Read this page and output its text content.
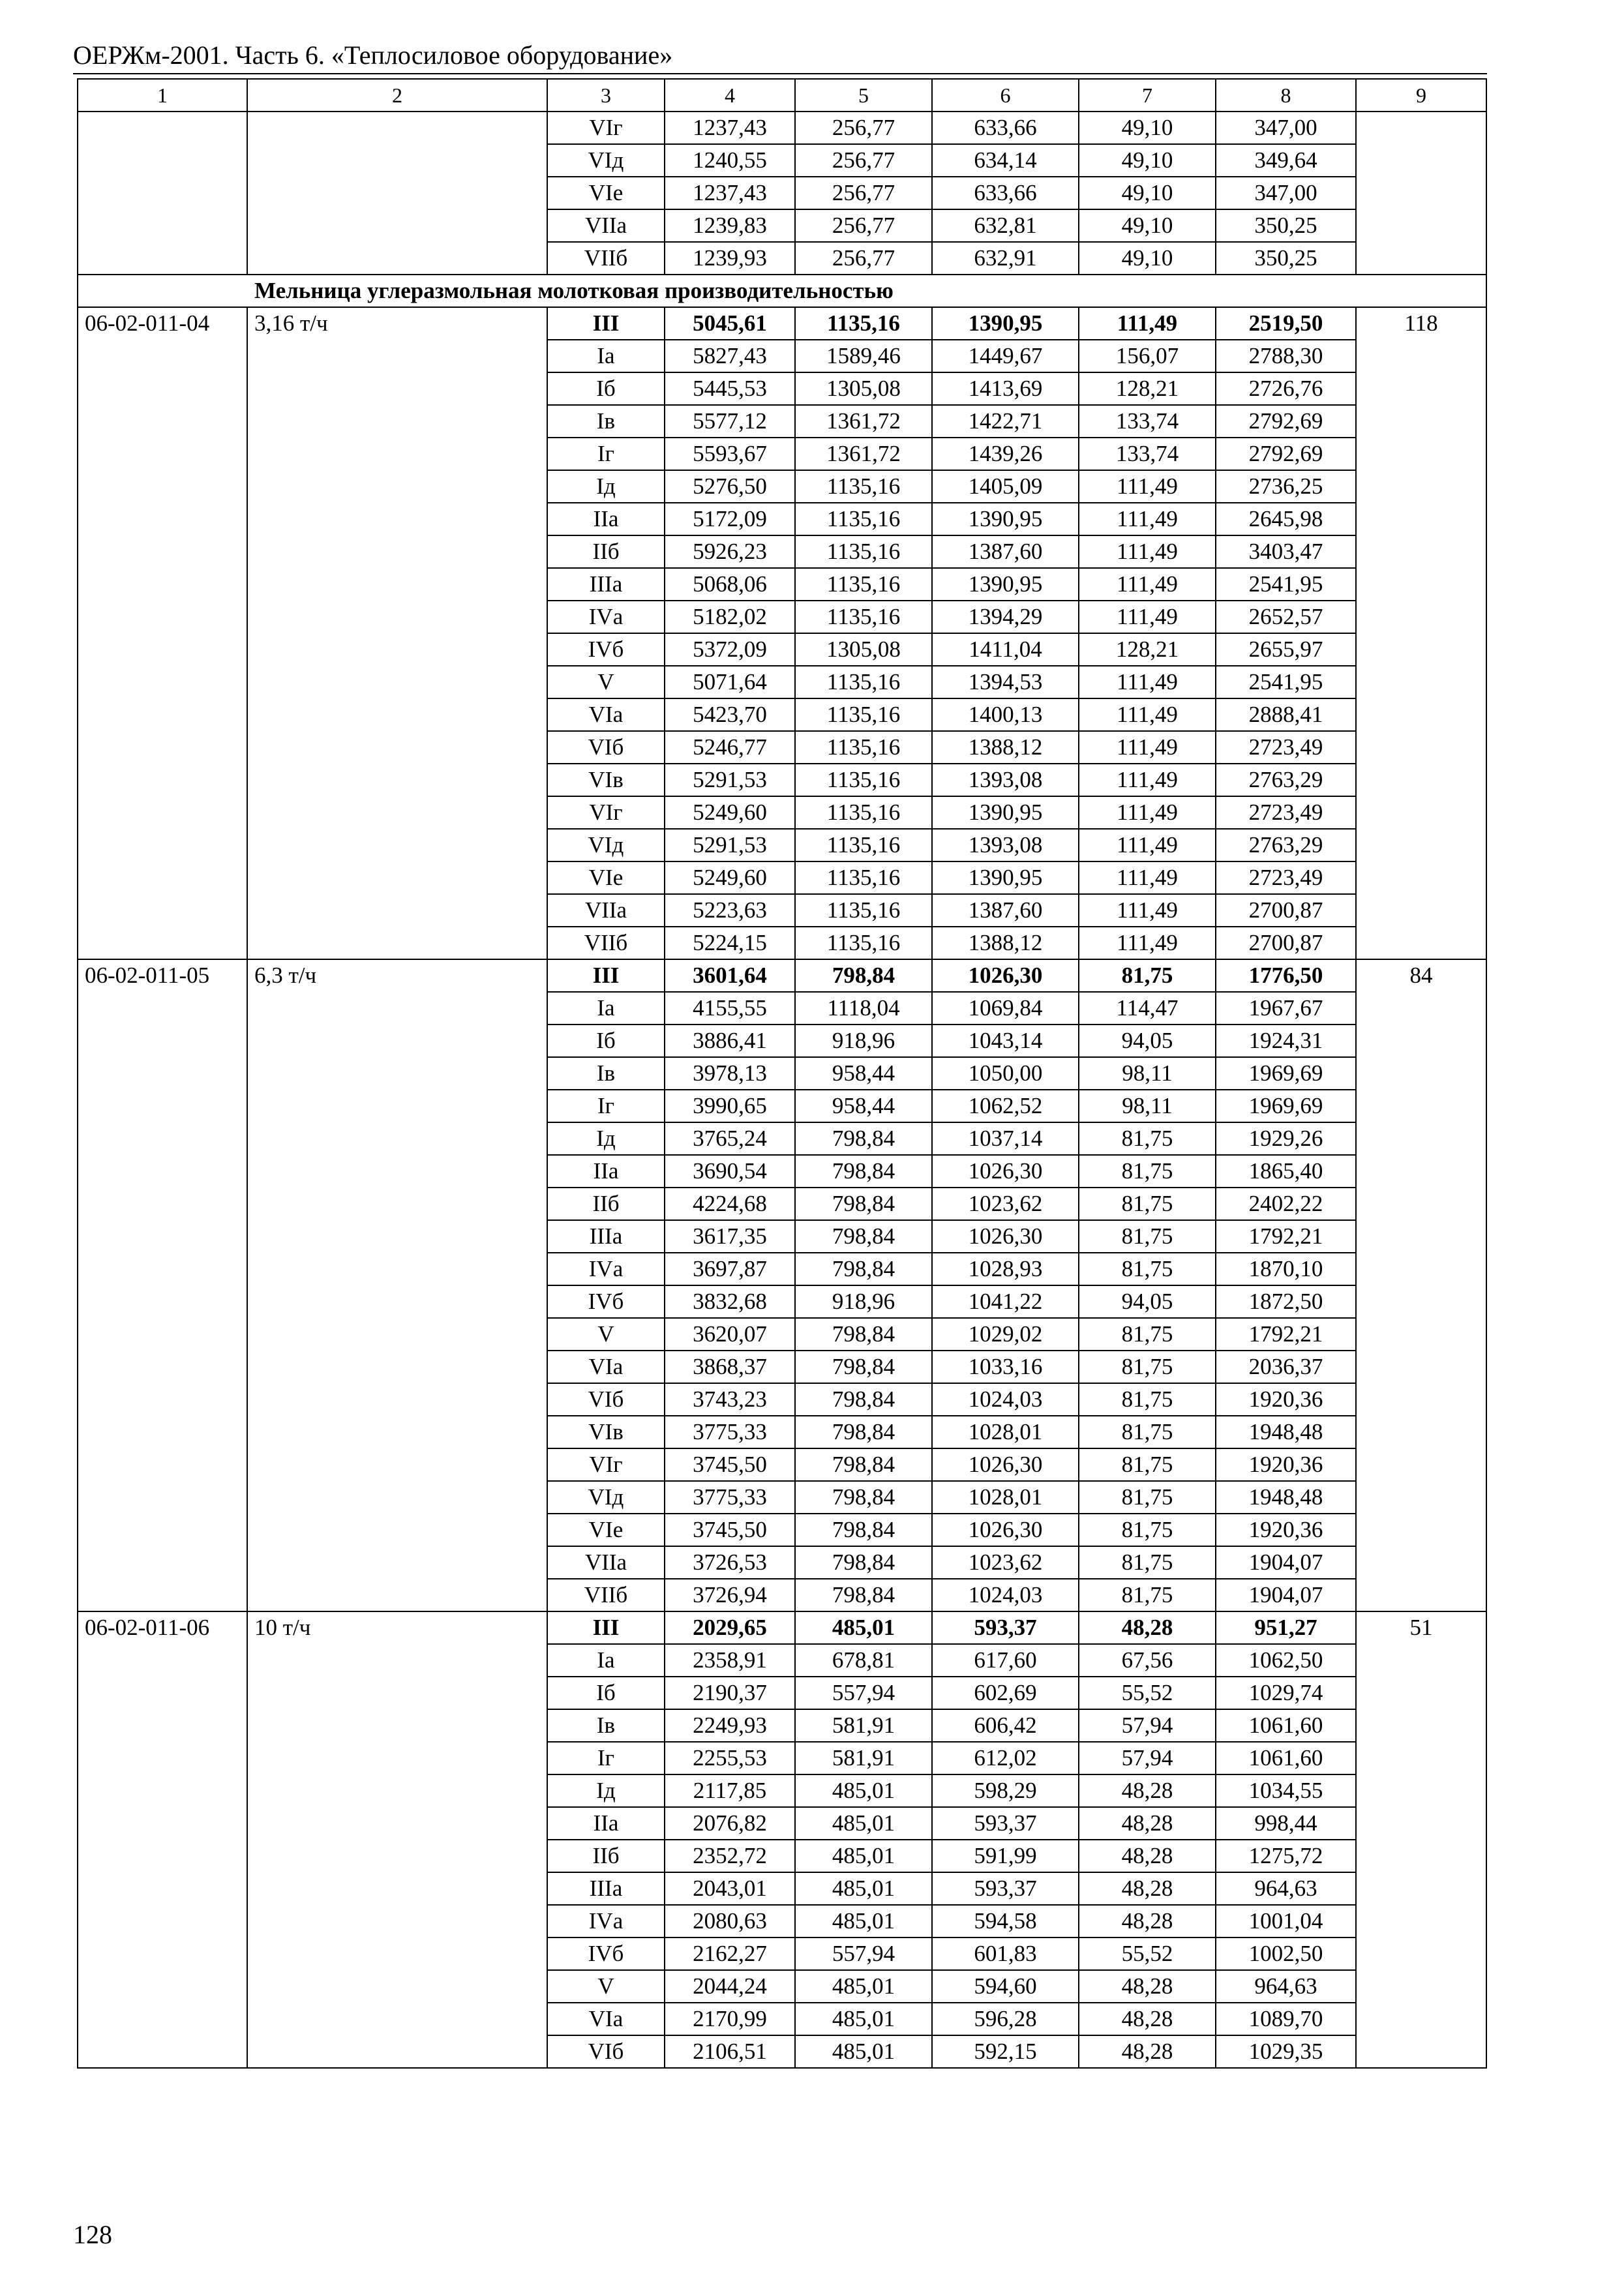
ОЕРЖм-2001. Часть 6. «Теплосиловое оборудование»
1	2	3	4	5	6	7	8	9
		VIг	1237,43	256,77	633,66	49,10	347,00	
		VIд	1240,55	256,77	634,14	49,10	349,64	
		VIе	1237,43	256,77	633,66	49,10	347,00	
		VIIа	1239,83	256,77	632,81	49,10	350,25	
		VIIб	1239,93	256,77	632,91	49,10	350,25	
Мельница углеразмольная молотковая производительностью								
06-02-011-04	3,16 т/ч	III	5045,61	1135,16	1390,95	111,49	2519,50	118
		Iа	5827,43	1589,46	1449,67	156,07	2788,30	
		Iб	5445,53	1305,08	1413,69	128,21	2726,76	
		Iв	5577,12	1361,72	1422,71	133,74	2792,69	
		Iг	5593,67	1361,72	1439,26	133,74	2792,69	
		Iд	5276,50	1135,16	1405,09	111,49	2736,25	
		IIа	5172,09	1135,16	1390,95	111,49	2645,98	
		IIб	5926,23	1135,16	1387,60	111,49	3403,47	
		IIIа	5068,06	1135,16	1390,95	111,49	2541,95	
		IVа	5182,02	1135,16	1394,29	111,49	2652,57	
		IVб	5372,09	1305,08	1411,04	128,21	2655,97	
		V	5071,64	1135,16	1394,53	111,49	2541,95	
		VIа	5423,70	1135,16	1400,13	111,49	2888,41	
		VIб	5246,77	1135,16	1388,12	111,49	2723,49	
		VIв	5291,53	1135,16	1393,08	111,49	2763,29	
		VIг	5249,60	1135,16	1390,95	111,49	2723,49	
		VIд	5291,53	1135,16	1393,08	111,49	2763,29	
		VIе	5249,60	1135,16	1390,95	111,49	2723,49	
		VIIа	5223,63	1135,16	1387,60	111,49	2700,87	
		VIIб	5224,15	1135,16	1388,12	111,49	2700,87	
06-02-011-05	6,3 т/ч	III	3601,64	798,84	1026,30	81,75	1776,50	84
		Iа	4155,55	1118,04	1069,84	114,47	1967,67	
		Iб	3886,41	918,96	1043,14	94,05	1924,31	
		Iв	3978,13	958,44	1050,00	98,11	1969,69	
		Iг	3990,65	958,44	1062,52	98,11	1969,69	
		Iд	3765,24	798,84	1037,14	81,75	1929,26	
		IIа	3690,54	798,84	1026,30	81,75	1865,40	
		IIб	4224,68	798,84	1023,62	81,75	2402,22	
		IIIа	3617,35	798,84	1026,30	81,75	1792,21	
		IVа	3697,87	798,84	1028,93	81,75	1870,10	
		IVб	3832,68	918,96	1041,22	94,05	1872,50	
		V	3620,07	798,84	1029,02	81,75	1792,21	
		VIа	3868,37	798,84	1033,16	81,75	2036,37	
		VIб	3743,23	798,84	1024,03	81,75	1920,36	
		VIв	3775,33	798,84	1028,01	81,75	1948,48	
		VIг	3745,50	798,84	1026,30	81,75	1920,36	
		VIд	3775,33	798,84	1028,01	81,75	1948,48	
		VIе	3745,50	798,84	1026,30	81,75	1920,36	
		VIIа	3726,53	798,84	1023,62	81,75	1904,07	
		VIIб	3726,94	798,84	1024,03	81,75	1904,07	
06-02-011-06	10 т/ч	III	2029,65	485,01	593,37	48,28	951,27	51
		Iа	2358,91	678,81	617,60	67,56	1062,50	
		Iб	2190,37	557,94	602,69	55,52	1029,74	
		Iв	2249,93	581,91	606,42	57,94	1061,60	
		Iг	2255,53	581,91	612,02	57,94	1061,60	
		Iд	2117,85	485,01	598,29	48,28	1034,55	
		IIа	2076,82	485,01	593,37	48,28	998,44	
		IIб	2352,72	485,01	591,99	48,28	1275,72	
		IIIа	2043,01	485,01	593,37	48,28	964,63	
		IVа	2080,63	485,01	594,58	48,28	1001,04	
		IVб	2162,27	557,94	601,83	55,52	1002,50	
		V	2044,24	485,01	594,60	48,28	964,63	
		VIа	2170,99	485,01	596,28	48,28	1089,70	
		VIб	2106,51	485,01	592,15	48,28	1029,35	
128
